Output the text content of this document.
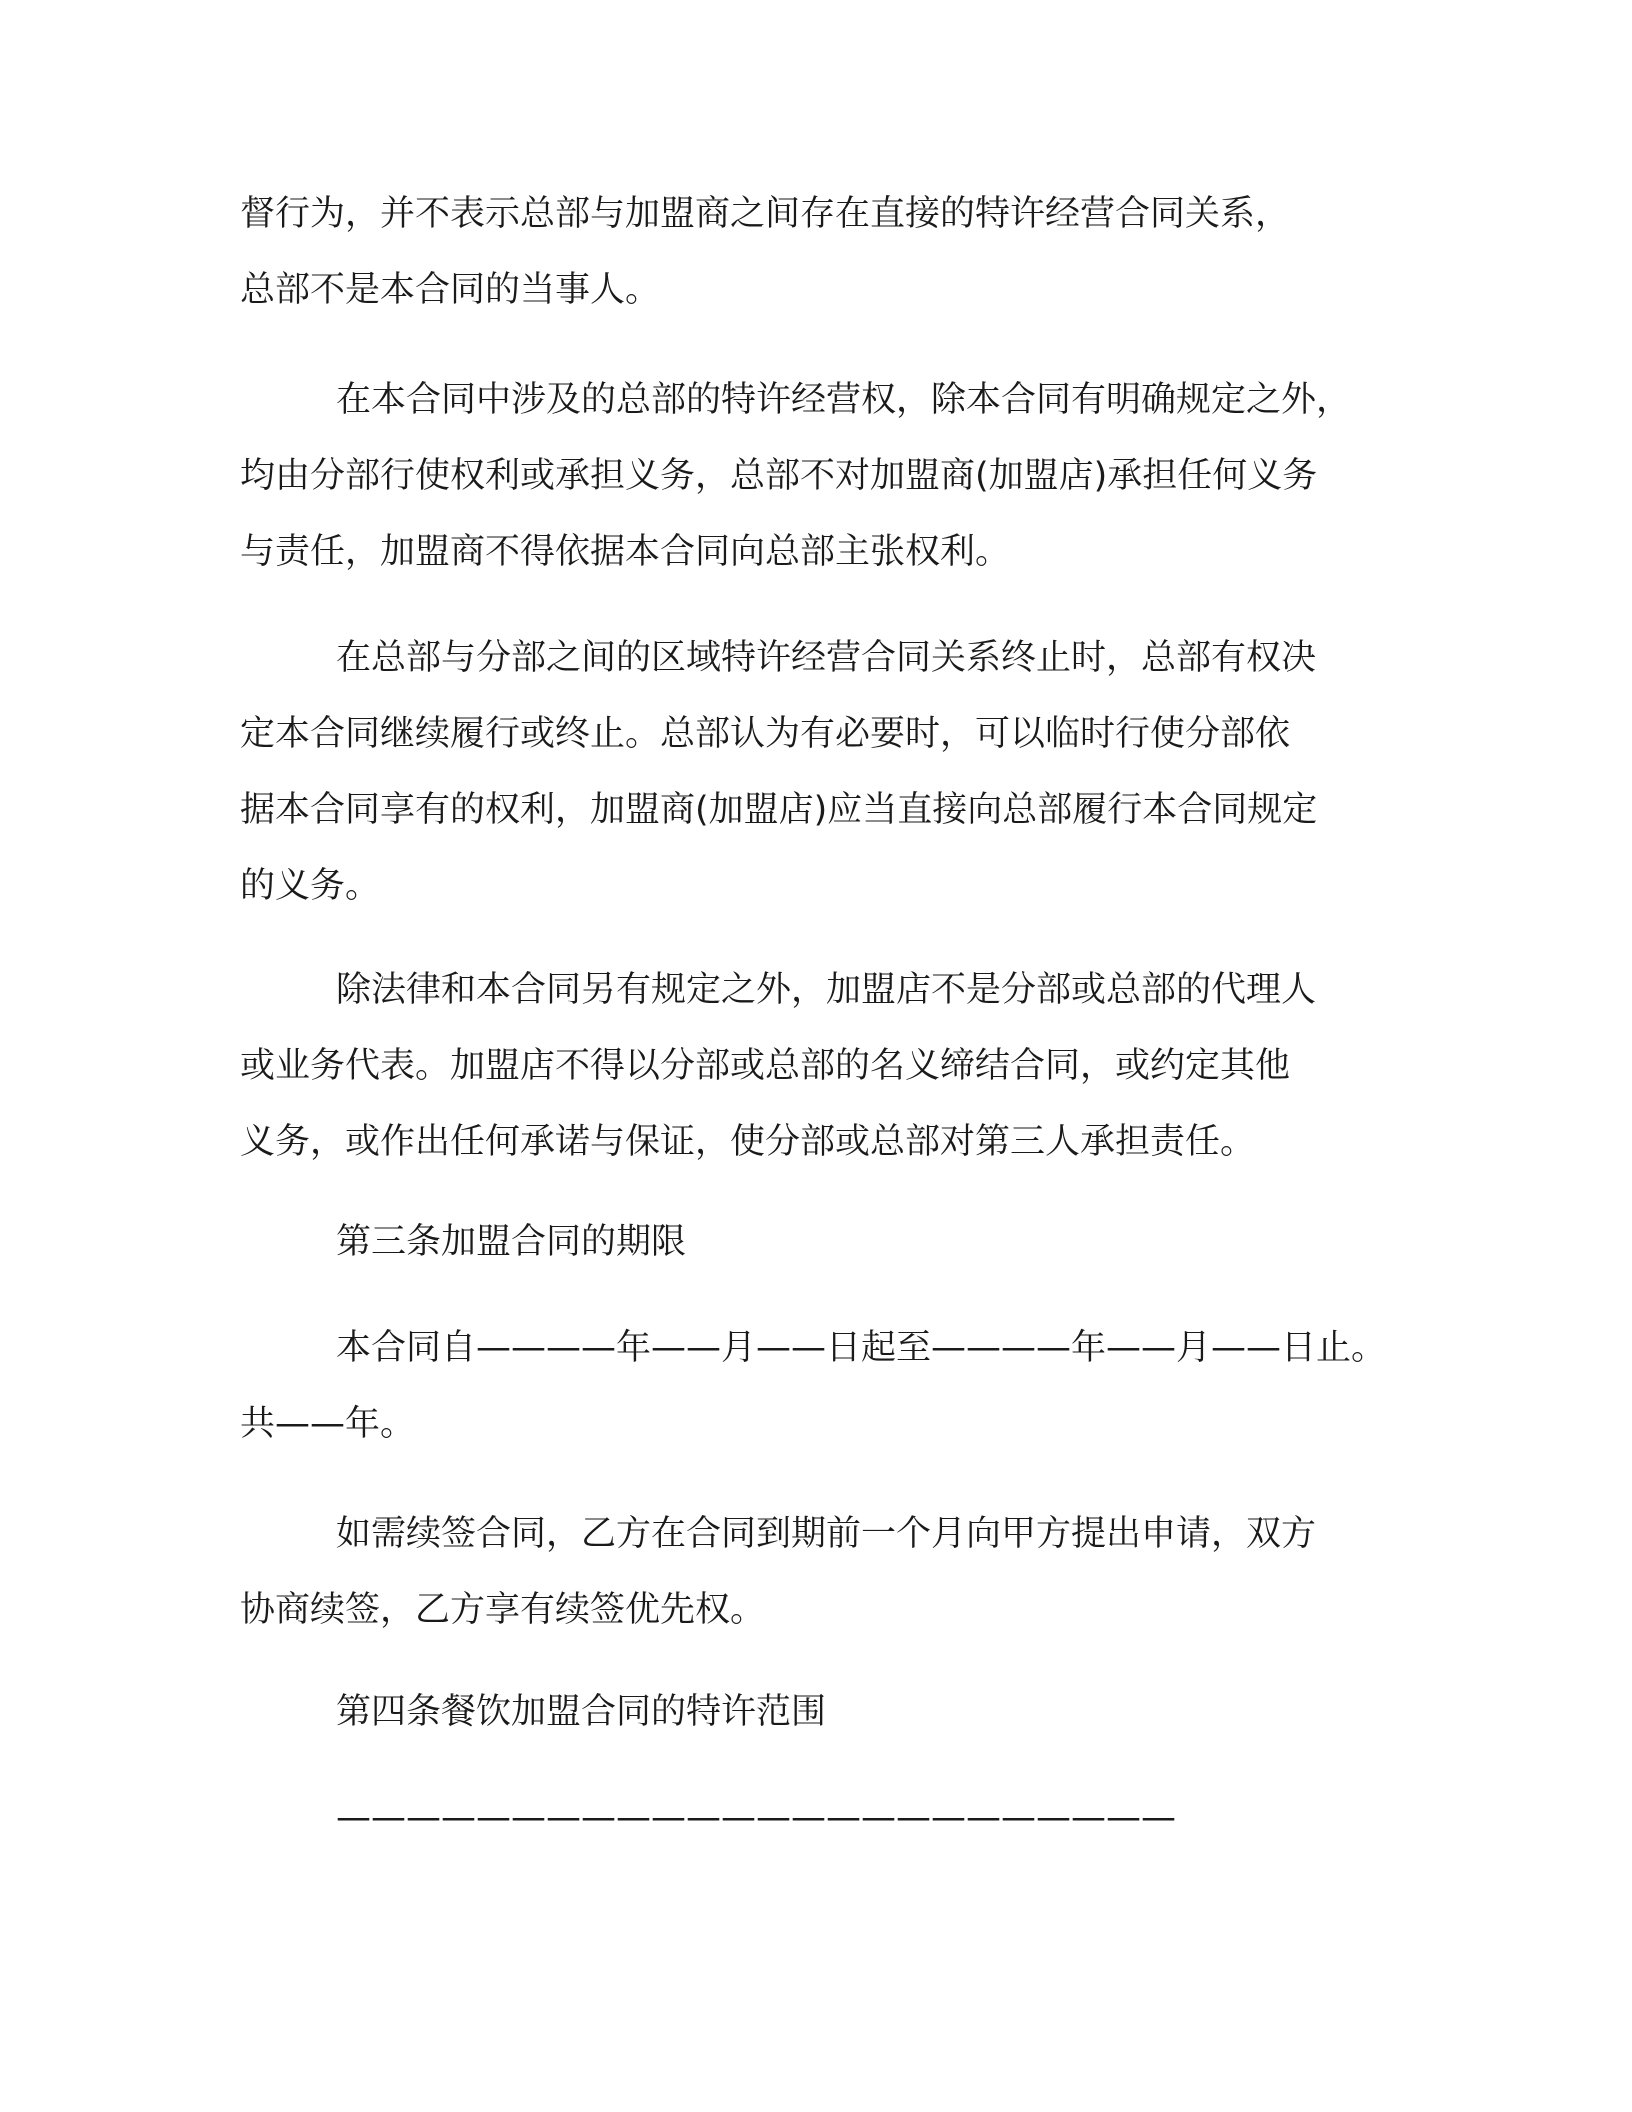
督行为，并不表示总部与加盟商之间存在直接的特许经营合同关系，
总部不是本合同的当事人。
在本合同中涉及的总部的特许经营权，除本合同有明确规定之外，
均由分部行使权利或承担义务，总部不对加盟商(加盟店)承担任何义务
与责任，加盟商不得依据本合同向总部主张权利。
在总部与分部之间的区域特许经营合同关系终止时，总部有权决
定本合同继续履行或终止。总部认为有必要时，可以临时行使分部依
据本合同享有的权利，加盟商(加盟店)应当直接向总部履行本合同规定
的义务。
除法律和本合同另有规定之外，加盟店不是分部或总部的代理人
或业务代表。加盟店不得以分部或总部的名义缔结合同，或约定其他
义务，或作出任何承诺与保证，使分部或总部对第三人承担责任。
第三条加盟合同的期限
本合同自————年——月——日起至————年——月——日止。
共——年。
如需续签合同，乙方在合同到期前一个月向甲方提出申请，双方
协商续签，乙方享有续签优先权。
第四条餐饮加盟合同的特许范围
————————————————————————
